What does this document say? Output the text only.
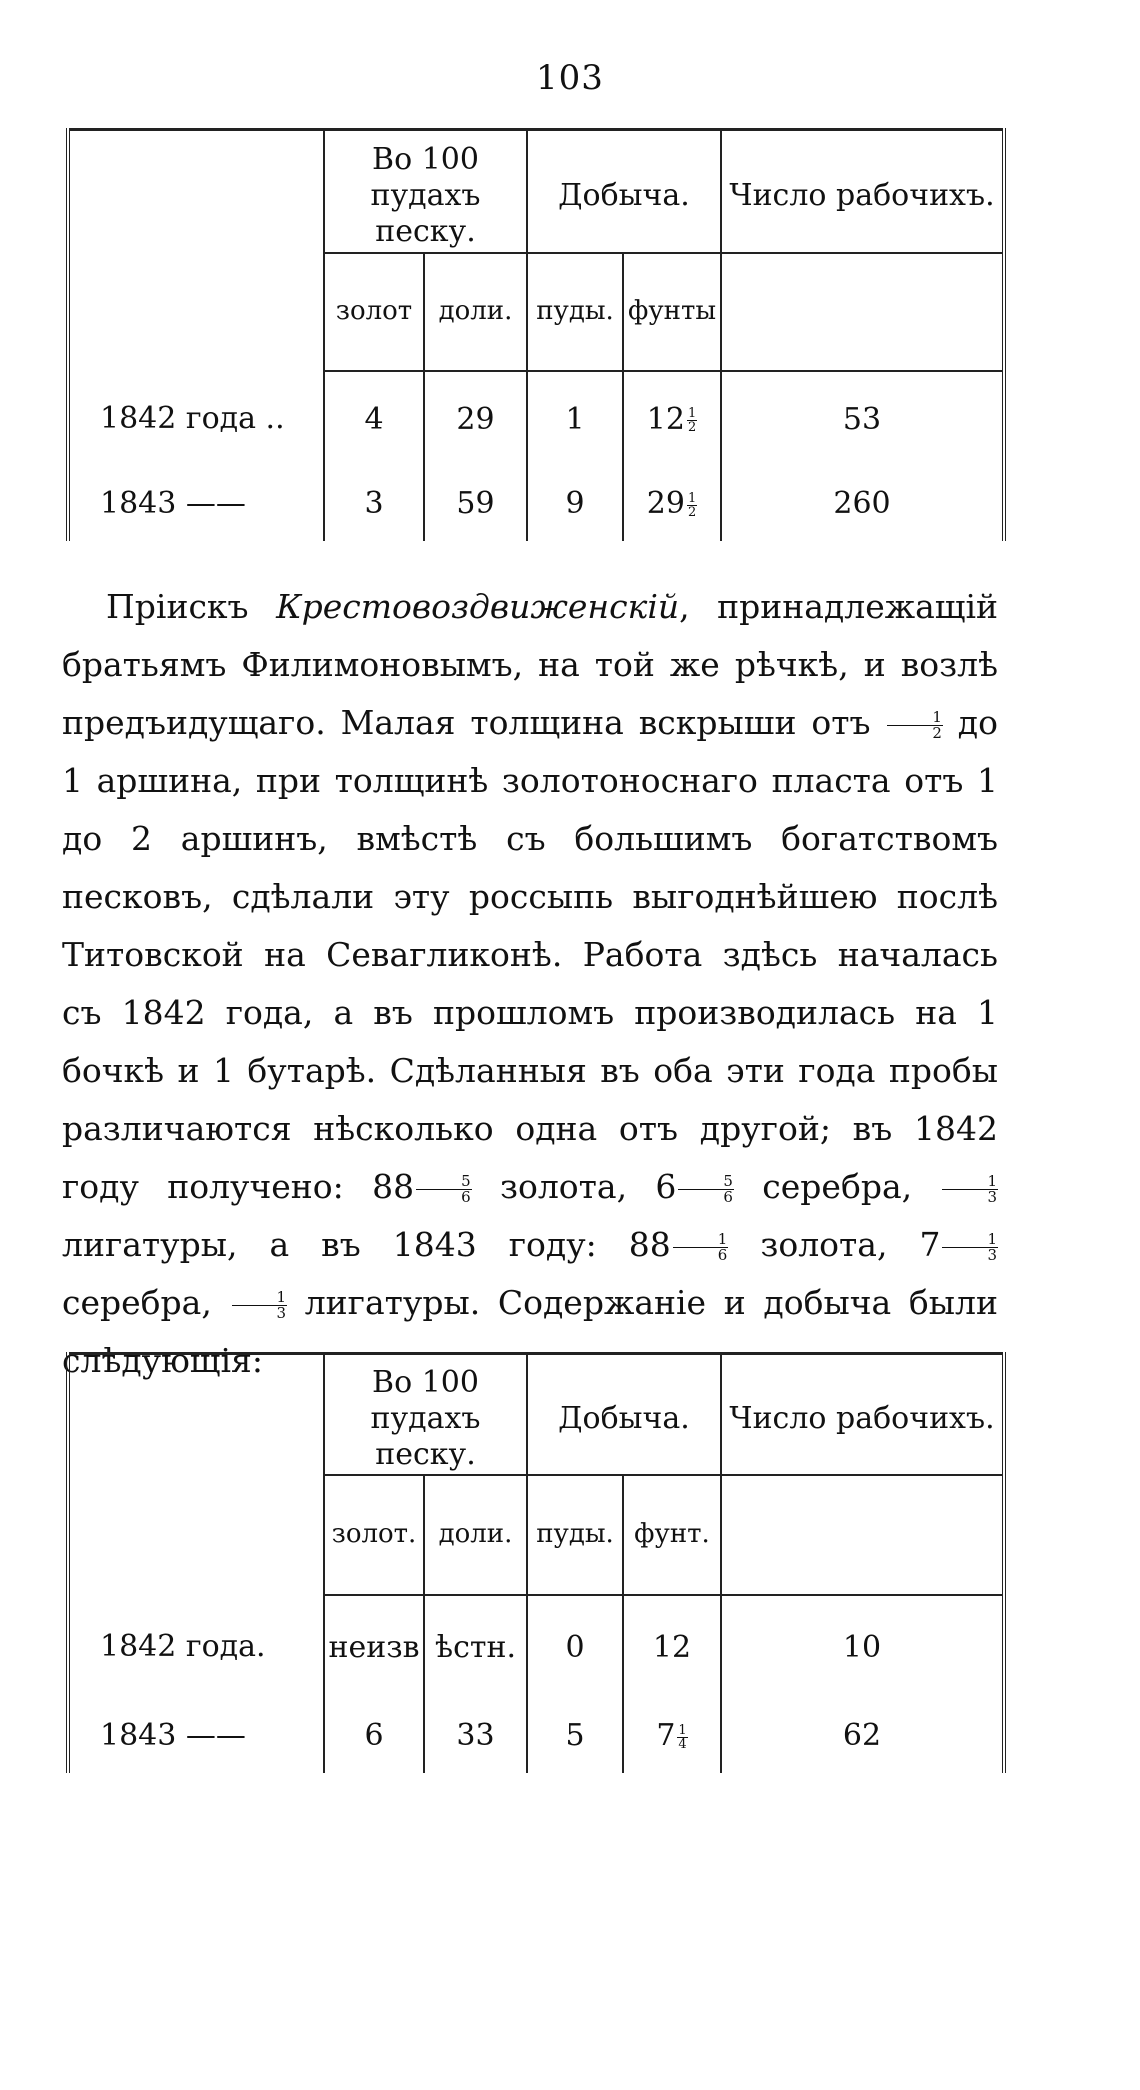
103

	Во 100 пудахъ песку.		Добыча.		Число рабочихъ.
	золот	доли.	пуды.	фунты	
1842 года ..	4	29	1	$12 \frac{1}{2}$	53
1843 ——	3	59	9	$29 \frac{1}{2}$	260

Пріискъ Крестовоздвиженскій, принадлежащій братьямъ Филимоновымъ, на той же рѣчкѣ, и возлѣ предъидущаго. Малая толщина вскрыши отъ $\frac{1}{2}$ до 1 аршина, при толщинѣ золотоноснаго пласта отъ 1 до 2 аршинъ, вмѣстѣ съ большимъ богатствомъ песковъ, сдѣлали эту россыпь выгоднѣйшею послѣ Титовской на Севагликонѣ. Работа здѣсь началась съ 1842 года, а въ прошломъ производилась на 1 бочкѣ и 1 бутарѣ. Сдѣланныя въ оба эти года пробы различаются нѣсколько одна отъ другой; въ 1842 году получено: $88 \frac{5}{6}$ золота, $6 \frac{5}{6}$ серебра, $\frac{1}{3}$
лигатуры, а въ 1843 году: $88 \frac{1}{6}$ золота, $7 \frac{1}{3}$
серебра, $\frac{1}{3}$ лигатуры. Содержаніе и добыча были слѣдующія:

	Во 100 пудахъ песку.		Добыча.		Число рабочихъ.
	золот.	доли.	пуды.	фунт.	
1842 года.	неизв	ѣстн.	0	12	10
1843 ——	6	33	5	$7 \frac{1}{4}$	62
